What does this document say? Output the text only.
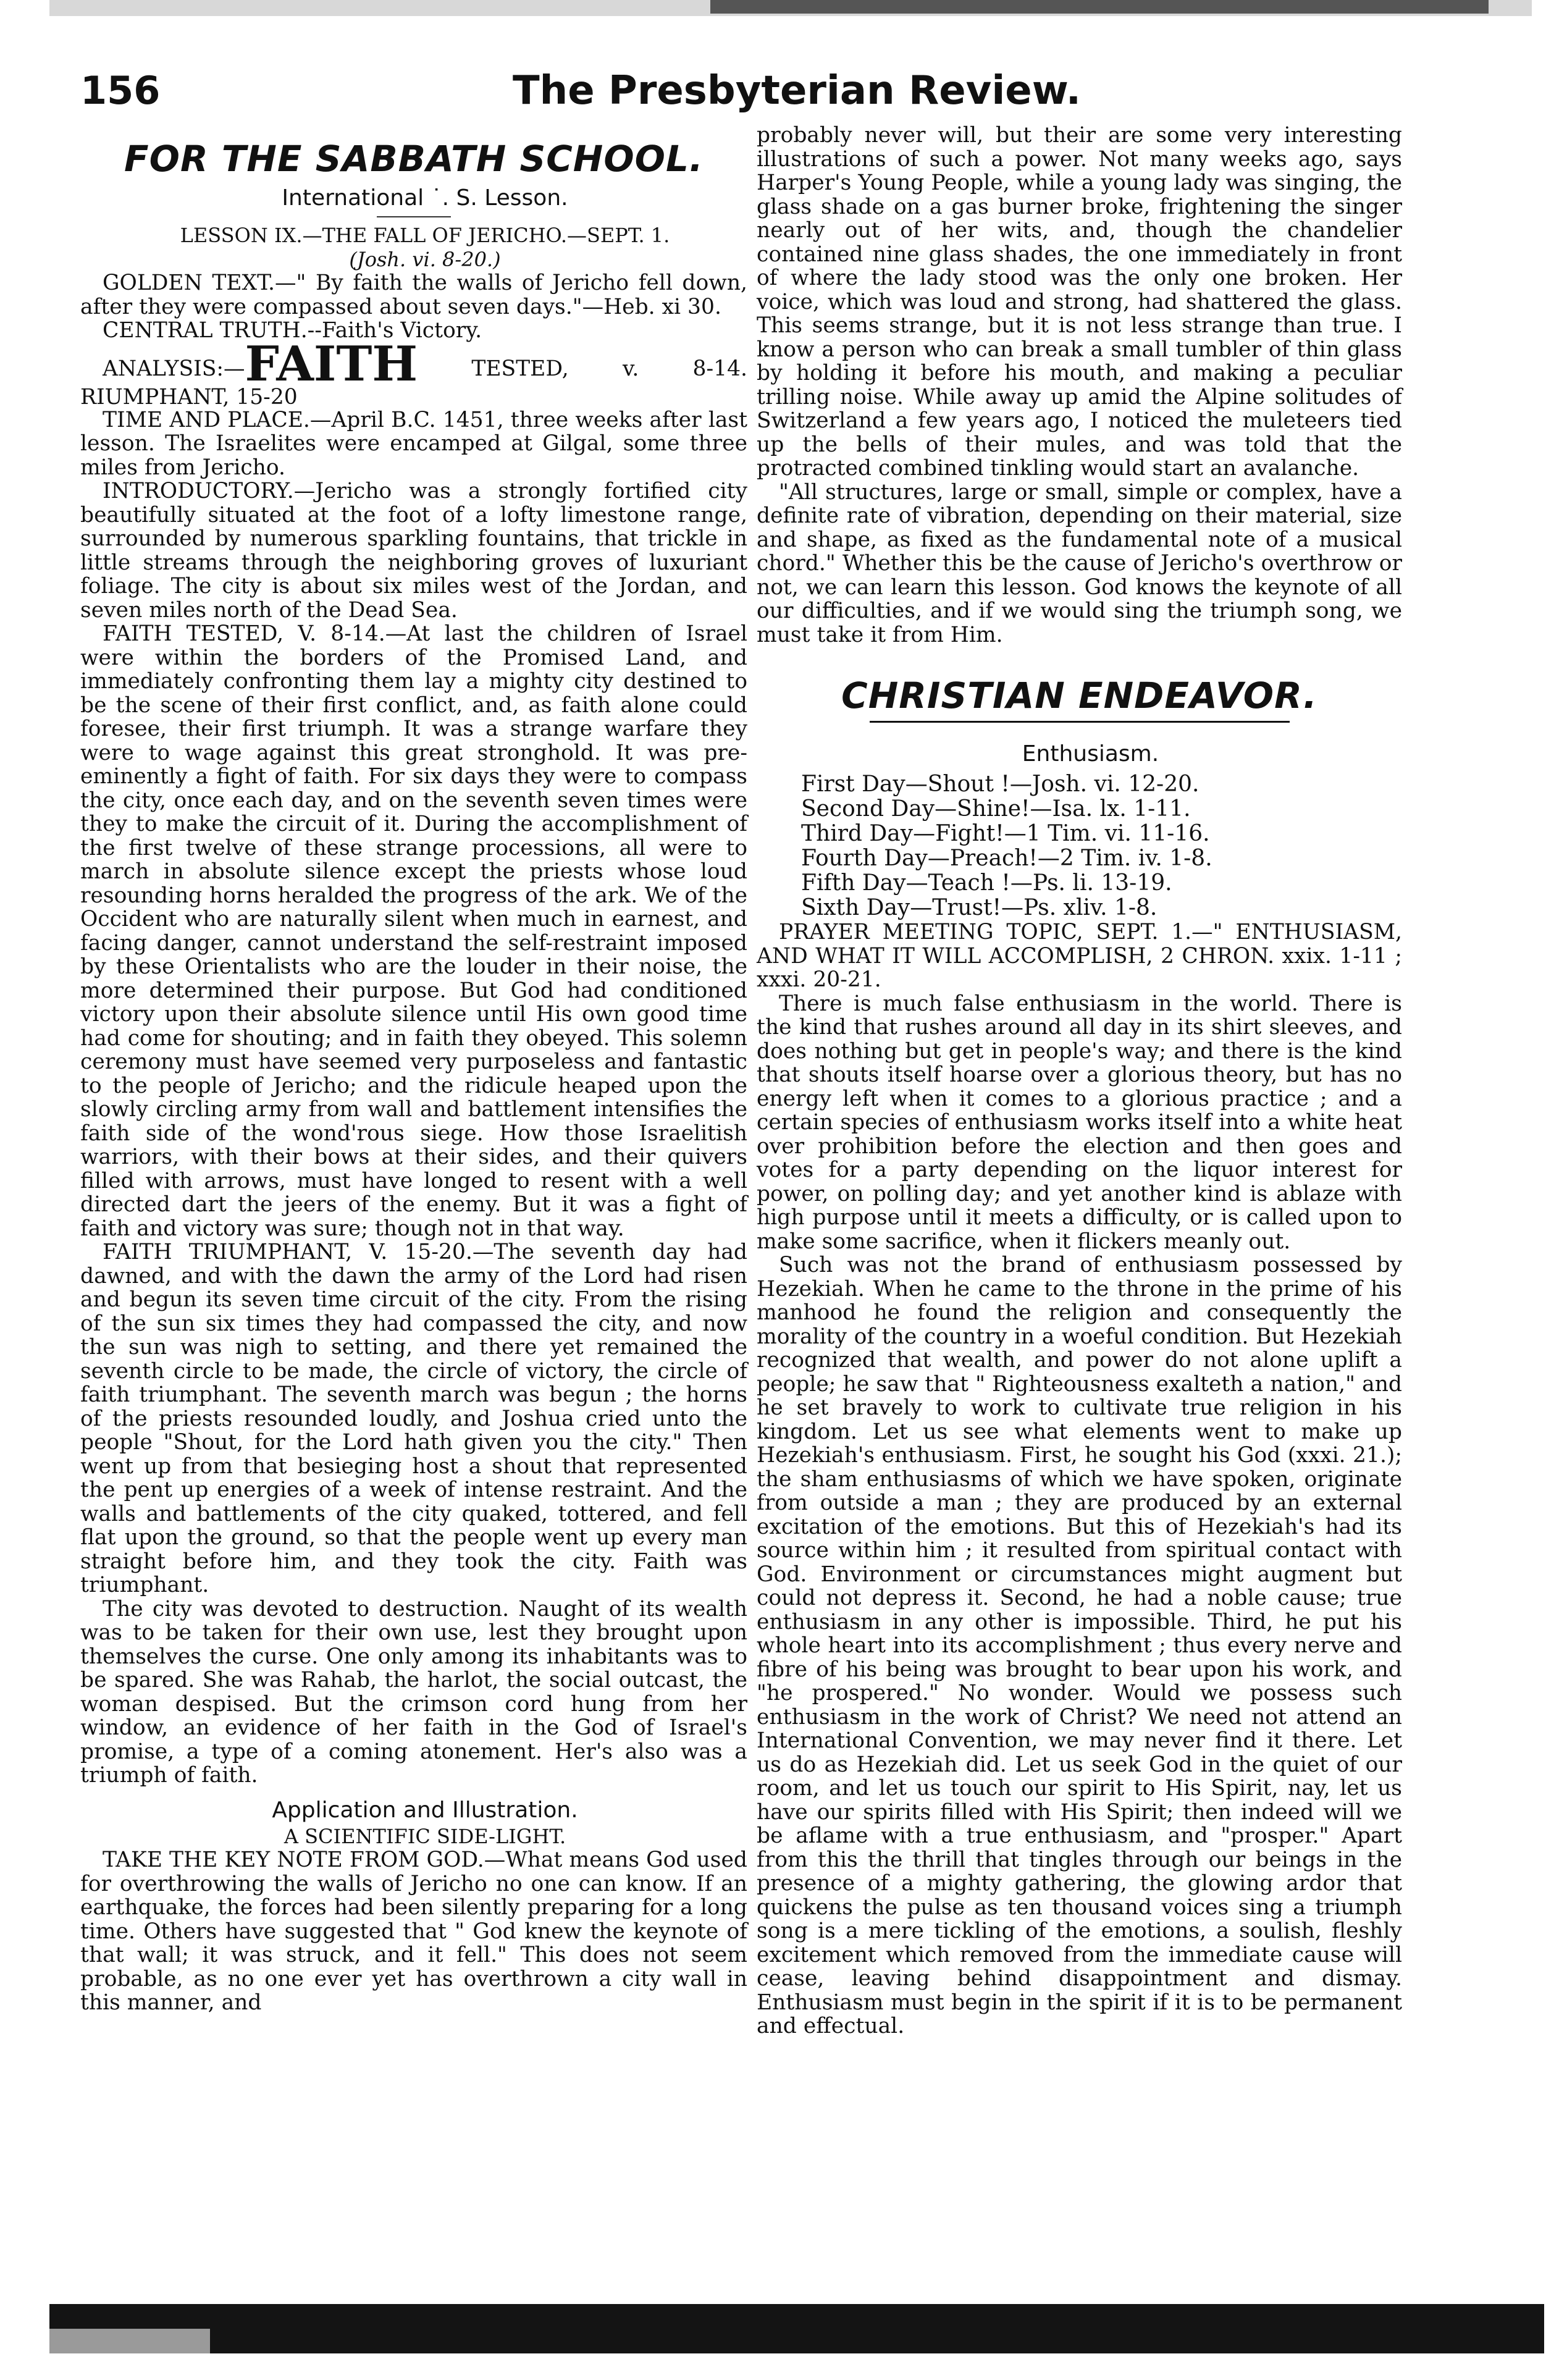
156	The Presbyterian Review.
FOR THE SABBATH SCHOOL.

International ˙. S. Lesson.

LESSON IX.—THE FALL OF JERICHO.—SEPT. 1.

(Josh. vi. 8-20.)

GOLDEN TEXT.—" By faith the walls of Jericho fell down, after they were compassed about seven days."—Heb. xi 30.

CENTRAL TRUTH.--Faith's Victory.

ANALYSIS:—FAITH	TESTED, v. 8-14. RIUMPHANT, 15-20

TIME AND PLACE.—April B.C. 1451, three weeks after last lesson. The Israelites were encamped at Gilgal, some three miles from Jericho.

INTRODUCTORY.—Jericho was a strongly fortified city beautifully situated at the foot of a lofty limestone range, surrounded by numerous sparkling fountains, that trickle in little streams through the neighboring groves of luxuriant foliage. The city is about six miles west of the Jordan, and seven miles north of the Dead Sea.

FAITH TESTED, V. 8-14.—At last the children of Israel were within the borders of the Promised Land, and immediately confronting them lay a mighty city destined to be the scene of their first conflict, and, as faith alone could foresee, their first triumph. It was a strange warfare they were to wage against this great stronghold. It was pre-eminently a fight of faith. For six days they were to compass the city, once each day, and on the seventh seven times were they to make the circuit of it. During the accomplishment of the first twelve of these strange processions, all were to march in absolute silence except the priests whose loud resounding horns heralded the progress of the ark. We of the Occident who are naturally silent when much in earnest, and facing danger, cannot understand the self-restraint imposed by these Orientalists who are the louder in their noise, the more determined their purpose. But God had conditioned victory upon their absolute silence until His own good time had come for shouting; and in faith they obeyed. This solemn ceremony must have seemed very purposeless and fantastic to the people of Jericho; and the ridicule heaped upon the slowly circling army from wall and battlement intensifies the faith side of the wond'rous siege. How those Israelitish warriors, with their bows at their sides, and their quivers filled with arrows, must have longed to resent with a well directed dart the jeers of the enemy. But it was a fight of faith and victory was sure; though not in that way.

FAITH TRIUMPHANT, V. 15-20.—The seventh day had dawned, and with the dawn the army of the Lord had risen and begun its seven time circuit of the city. From the rising of the sun six times they had compassed the city, and now the sun was nigh to setting, and there yet remained the seventh circle to be made, the circle of victory, the circle of faith triumphant. The seventh march was begun ; the horns of the priests resounded loudly, and Joshua cried unto the people "Shout, for the Lord hath given you the city." Then went up from that besieging host a shout that represented the pent up energies of a week of intense restraint. And the walls and battlements of the city quaked, tottered, and fell flat upon the ground, so that the people went up every man straight before him, and they took the city. Faith was triumphant.

The city was devoted to destruction. Naught of its wealth was to be taken for their own use, lest they brought upon themselves the curse. One only among its inhabitants was to be spared. She was Rahab, the harlot, the social outcast, the woman despised. But the crimson cord hung from her window, an evidence of her faith in the God of Israel's promise, a type of a coming atonement. Her's also was a triumph of faith.

Application and Illustration.

A SCIENTIFIC SIDE-LIGHT.

TAKE THE KEY NOTE FROM GOD.—What means God used for overthrowing the walls of Jericho no one can know. If an earthquake, the forces had been silently preparing for a long time. Others have suggested that " God knew the keynote of that wall; it was struck, and it fell." This does not seem probable, as no one ever yet has overthrown a city wall in this manner, and

probably never will, but their are some very interesting illustrations of such a power. Not many weeks ago, says Harper's Young People, while a young lady was singing, the glass shade on a gas burner broke, frightening the singer nearly out of her wits, and, though the chandelier contained nine glass shades, the one immediately in front of where the lady stood was the only one broken. Her voice, which was loud and strong, had shattered the glass. This seems strange, but it is not less strange than true. I know a person who can break a small tumbler of thin glass by holding it before his mouth, and making a peculiar trilling noise. While away up amid the Alpine solitudes of Switzerland a few years ago, I noticed the muleteers tied up the bells of their mules, and was told that the protracted combined tinkling would start an avalanche.

"All structures, large or small, simple or complex, have a definite rate of vibration, depending on their material, size and shape, as fixed as the fundamental note of a musical chord." Whether this be the cause of Jericho's overthrow or not, we can learn this lesson. God knows the keynote of all our difficulties, and if we would sing the triumph song, we must take it from Him.

CHRISTIAN ENDEAVOR.

Enthusiasm.

First Day—Shout !—Josh. vi. 12-20.

Second Day—Shine!—Isa. lx. 1-11.

Third Day—Fight!—1 Tim. vi. 11-16.

Fourth Day—Preach!—2 Tim. iv. 1-8.

Fifth Day—Teach !—Ps. li. 13-19.

Sixth Day—Trust!—Ps. xliv. 1-8.

PRAYER MEETING TOPIC, SEPT. 1.—" ENTHUSIASM, AND WHAT IT WILL ACCOMPLISH, 2 CHRON. xxix. 1-11 ; xxxi. 20-21.

There is much false enthusiasm in the world. There is the kind that rushes around all day in its shirt sleeves, and does nothing but get in people's way; and there is the kind that shouts itself hoarse over a glorious theory, but has no energy left when it comes to a glorious practice ; and a certain species of enthusiasm works itself into a white heat over prohibition before the election and then goes and votes for a party depending on the liquor interest for power, on polling day; and yet another kind is ablaze with high purpose until it meets a difficulty, or is called upon to make some sacrifice, when it flickers meanly out.

Such was not the brand of enthusiasm possessed by Hezekiah. When he came to the throne in the prime of his manhood he found the religion and consequently the morality of the country in a woeful condition. But Hezekiah recognized that wealth, and power do not alone uplift a people; he saw that " Righteousness exalteth a nation," and he set bravely to work to cultivate true religion in his kingdom. Let us see what elements went to make up Hezekiah's enthusiasm. First, he sought his God (xxxi. 21.); the sham enthusiasms of which we have spoken, originate from outside a man ; they are produced by an external excitation of the emotions. But this of Hezekiah's had its source within him ; it resulted from spiritual contact with God. Environment or circumstances might augment but could not depress it. Second, he had a noble cause; true enthusiasm in any other is impossible. Third, he put his whole heart into its accomplishment ; thus every nerve and fibre of his being was brought to bear upon his work, and "he prospered." No wonder. Would we possess such enthusiasm in the work of Christ? We need not attend an International Convention, we may never find it there. Let us do as Hezekiah did. Let us seek God in the quiet of our room, and let us touch our spirit to His Spirit, nay, let us have our spirits filled with His Spirit; then indeed will we be aflame with a true enthusiasm, and "prosper." Apart from this the thrill that tingles through our beings in the presence of a mighty gathering, the glowing ardor that quickens the pulse as ten thousand voices sing a triumph song is a mere tickling of the emotions, a soulish, fleshly excitement which removed from the immediate cause will cease, leaving behind disappointment and dismay. Enthusiasm must begin in the spirit if it is to be permanent and effectual.
